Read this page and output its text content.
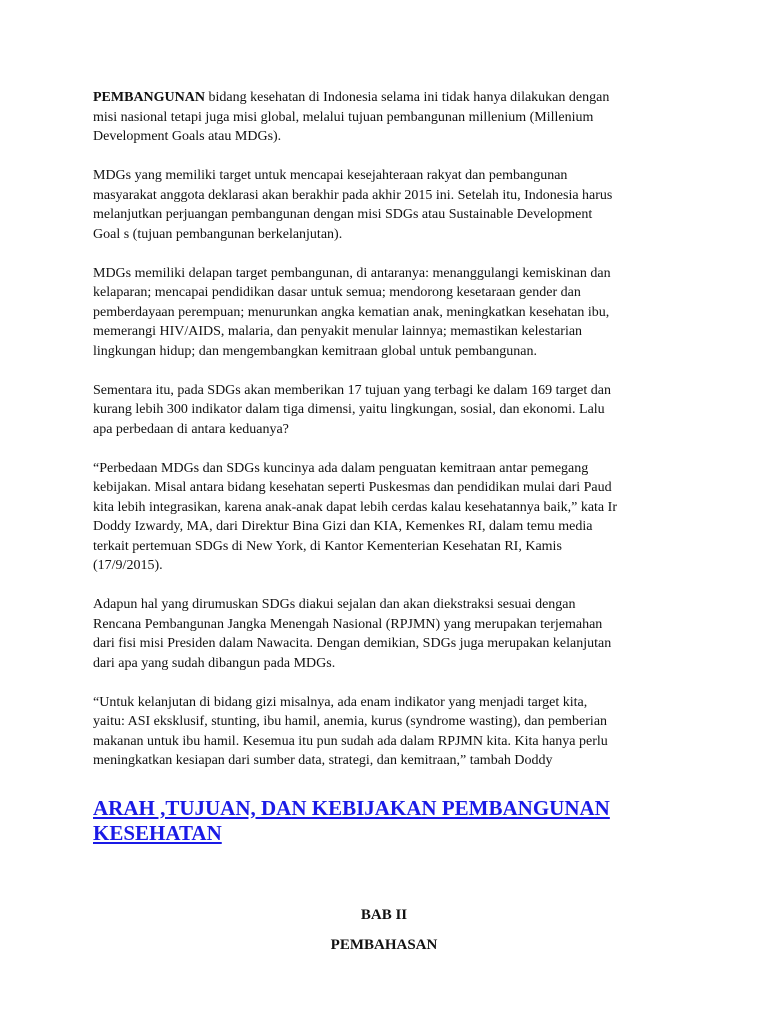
PEMBANGUNAN bidang kesehatan di Indonesia selama ini tidak hanya dilakukan dengan
misi nasional tetapi juga misi global, melalui tujuan pembangunan millenium (Millenium
Development Goals atau MDGs).

MDGs yang memiliki target untuk mencapai kesejahteraan rakyat dan pembangunan
masyarakat anggota deklarasi akan berakhir pada akhir 2015 ini. Setelah itu, Indonesia harus
melanjutkan perjuangan pembangunan dengan misi SDGs atau Sustainable Development
Goal s (tujuan pembangunan berkelanjutan).

MDGs memiliki delapan target pembangunan, di antaranya: menanggulangi kemiskinan dan
kelaparan; mencapai pendidikan dasar untuk semua; mendorong kesetaraan gender dan
pemberdayaan perempuan; menurunkan angka kematian anak, meningkatkan kesehatan ibu,
memerangi HIV/AIDS, malaria, dan penyakit menular lainnya; memastikan kelestarian
lingkungan hidup; dan mengembangkan kemitraan global untuk pembangunan.

Sementara itu, pada SDGs akan memberikan 17 tujuan yang terbagi ke dalam 169 target dan
kurang lebih 300 indikator dalam tiga dimensi, yaitu lingkungan, sosial, dan ekonomi. Lalu
apa perbedaan di antara keduanya?

“Perbedaan MDGs dan SDGs kuncinya ada dalam penguatan kemitraan antar pemegang
kebijakan. Misal antara bidang kesehatan seperti Puskesmas dan pendidikan mulai dari Paud
kita lebih integrasikan, karena anak-anak dapat lebih cerdas kalau kesehatannya baik,” kata Ir
Doddy Izwardy, MA, dari Direktur Bina Gizi dan KIA, Kemenkes RI, dalam temu media
terkait pertemuan SDGs di New York, di Kantor Kementerian Kesehatan RI, Kamis
(17/9/2015).

Adapun hal yang dirumuskan SDGs diakui sejalan dan akan diekstraksi sesuai dengan
Rencana Pembangunan Jangka Menengah Nasional (RPJMN) yang merupakan terjemahan
dari fisi misi Presiden dalam Nawacita. Dengan demikian, SDGs juga merupakan kelanjutan
dari apa yang sudah dibangun pada MDGs.

“Untuk kelanjutan di bidang gizi misalnya, ada enam indikator yang menjadi target kita,
yaitu: ASI eksklusif, stunting, ibu hamil, anemia, kurus (syndrome wasting), dan pemberian
makanan untuk ibu hamil. Kesemua itu pun sudah ada dalam RPJMN kita. Kita hanya perlu
meningkatkan kesiapan dari sumber data, strategi, dan kemitraan,” tambah Doddy

ARAH ,TUJUAN, DAN KEBIJAKAN PEMBANGUNAN
KESEHATAN
BAB II
PEMBAHASAN
